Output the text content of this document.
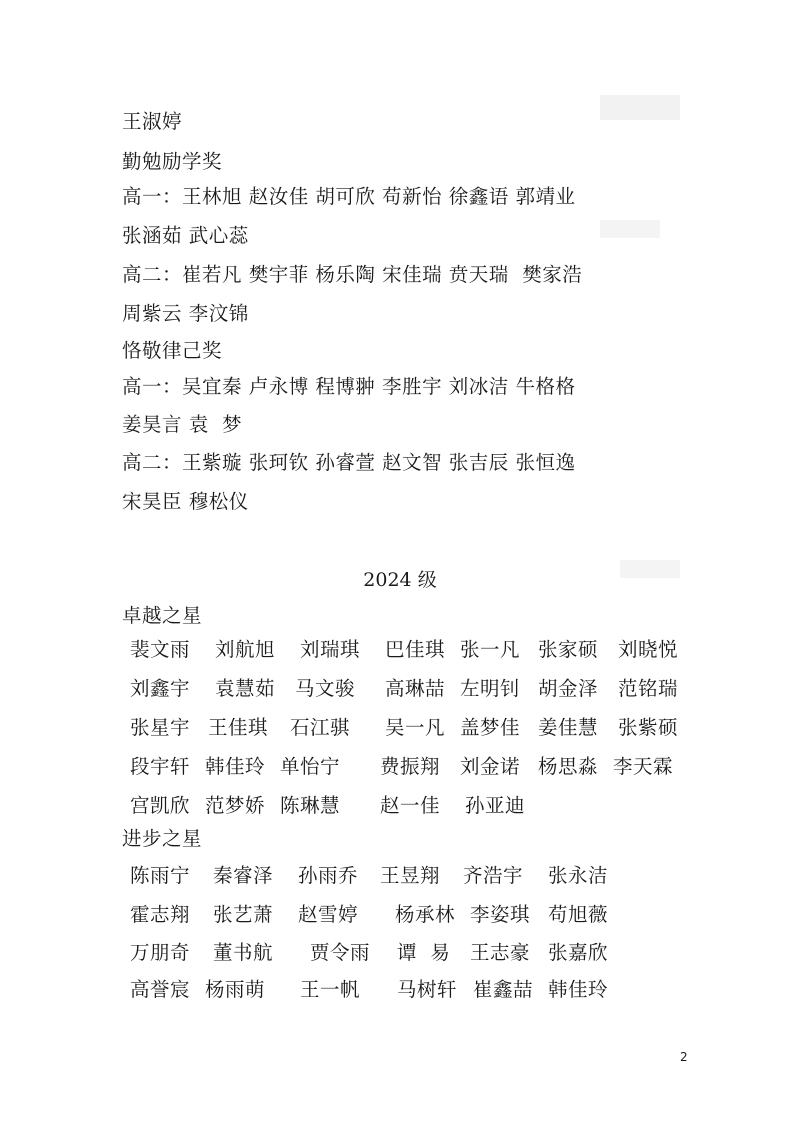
王淑婷
勤勉励学奖
高一：王林旭 赵汝佳 胡可欣 苟新怡 徐鑫语 郭靖业
张涵茹 武心蕊
高二：崔若凡 樊宇菲 杨乐陶 宋佳瑞 贲天瑞  樊家浩
周紫云 李汶锦
恪敬律己奖
高一：吴宜秦 卢永博 程博翀 李胜宇 刘冰洁 牛格格
姜昊言 袁  梦
高二：王紫璇 张珂钦 孙睿萱 赵文智 张吉辰 张恒逸
宋昊臣 穆松仪
2024 级
卓越之星
裴文雨 刘航旭 刘瑞琪 巴佳琪 张一凡 张家硕 刘晓悦
刘鑫宇 袁慧茹 马文骏 高琳喆 左明钊 胡金泽 范铭瑞
张星宇 王佳琪 石江骐 吴一凡 盖梦佳 姜佳慧 张紫硕
段宇轩 韩佳玲 单怡宁 费振翔 刘金诺 杨思淼 李天霖
宫凯欣 范梦娇 陈琳慧 赵一佳 孙亚迪
进步之星
陈雨宁 秦睿泽 孙雨乔 王昱翔 齐浩宇 张永洁
霍志翔 张艺萧 赵雪婷 杨承林 李姿琪 苟旭薇
万朋奇 董书航 贾令雨 谭  易 王志豪 张嘉欣
高誉宸 杨雨萌 王一帆 马树轩 崔鑫喆 韩佳玲
2
